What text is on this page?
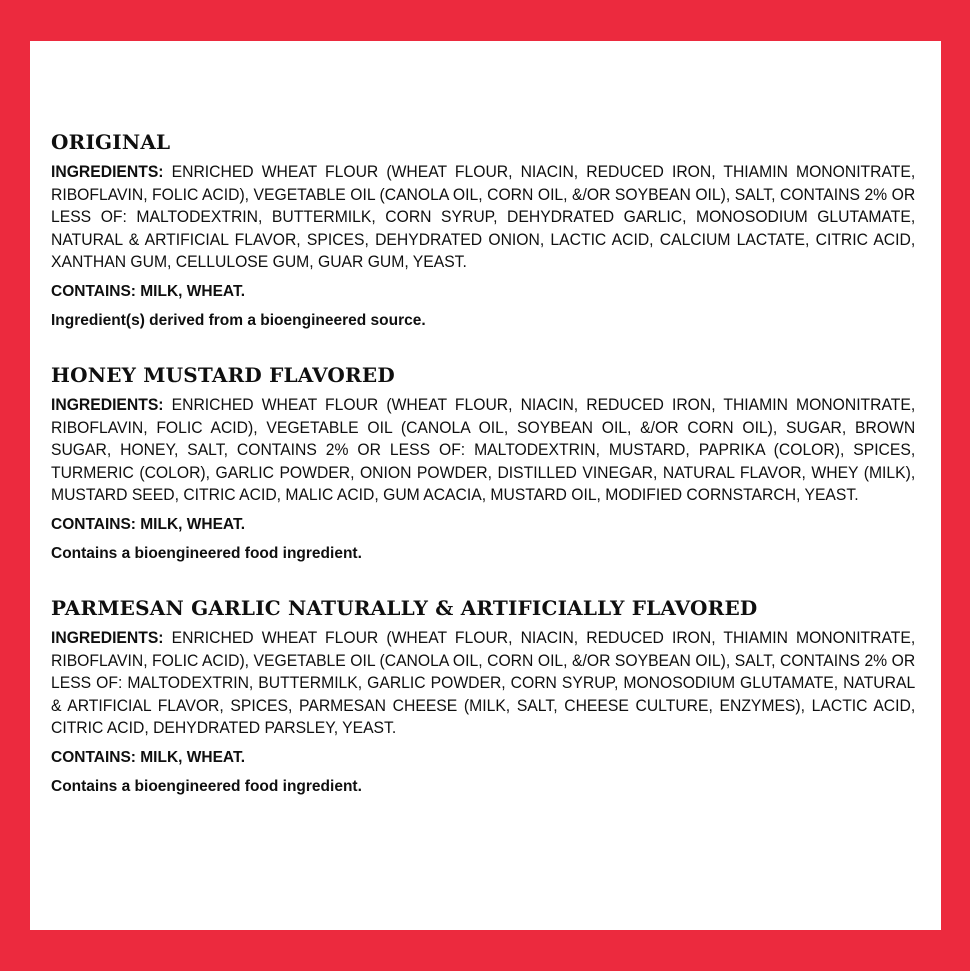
ORIGINAL

INGREDIENTS: ENRICHED WHEAT FLOUR (WHEAT FLOUR, NIACIN, REDUCED IRON, THIAMIN MONONITRATE, RIBOFLAVIN, FOLIC ACID), VEGETABLE OIL (CANOLA OIL, CORN OIL, &/OR SOYBEAN OIL), SALT, CONTAINS 2% OR LESS OF: MALTODEXTRIN, BUTTERMILK, CORN SYRUP, DEHYDRATED GARLIC, MONOSODIUM GLUTAMATE, NATURAL & ARTIFICIAL FLAVOR, SPICES, DEHYDRATED ONION, LACTIC ACID, CALCIUM LACTATE, CITRIC ACID, XANTHAN GUM, CELLULOSE GUM, GUAR GUM, YEAST.

CONTAINS: MILK, WHEAT.

Ingredient(s) derived from a bioengineered source.

HONEY MUSTARD FLAVORED

INGREDIENTS: ENRICHED WHEAT FLOUR (WHEAT FLOUR, NIACIN, REDUCED IRON, THIAMIN MONONITRATE, RIBOFLAVIN, FOLIC ACID), VEGETABLE OIL (CANOLA OIL, SOYBEAN OIL, &/OR CORN OIL), SUGAR, BROWN SUGAR, HONEY, SALT, CONTAINS 2% OR LESS OF: MALTODEXTRIN, MUSTARD, PAPRIKA (COLOR), SPICES, TURMERIC (COLOR), GARLIC POWDER, ONION POWDER, DISTILLED VINEGAR, NATURAL FLAVOR, WHEY (MILK), MUSTARD SEED, CITRIC ACID, MALIC ACID, GUM ACACIA, MUSTARD OIL, MODIFIED CORNSTARCH, YEAST.

CONTAINS: MILK, WHEAT.

Contains a bioengineered food ingredient.

PARMESAN GARLIC NATURALLY & ARTIFICIALLY FLAVORED

INGREDIENTS: ENRICHED WHEAT FLOUR (WHEAT FLOUR, NIACIN, REDUCED IRON, THIAMIN MONONITRATE, RIBOFLAVIN, FOLIC ACID), VEGETABLE OIL (CANOLA OIL, CORN OIL, &/OR SOYBEAN OIL), SALT, CONTAINS 2% OR LESS OF: MALTODEXTRIN, BUTTERMILK, GARLIC POWDER, CORN SYRUP, MONOSODIUM GLUTAMATE, NATURAL & ARTIFICIAL FLAVOR, SPICES, PARMESAN CHEESE (MILK, SALT, CHEESE CULTURE, ENZYMES), LACTIC ACID, CITRIC ACID, DEHYDRATED PARSLEY, YEAST.

CONTAINS: MILK, WHEAT.

Contains a bioengineered food ingredient.
